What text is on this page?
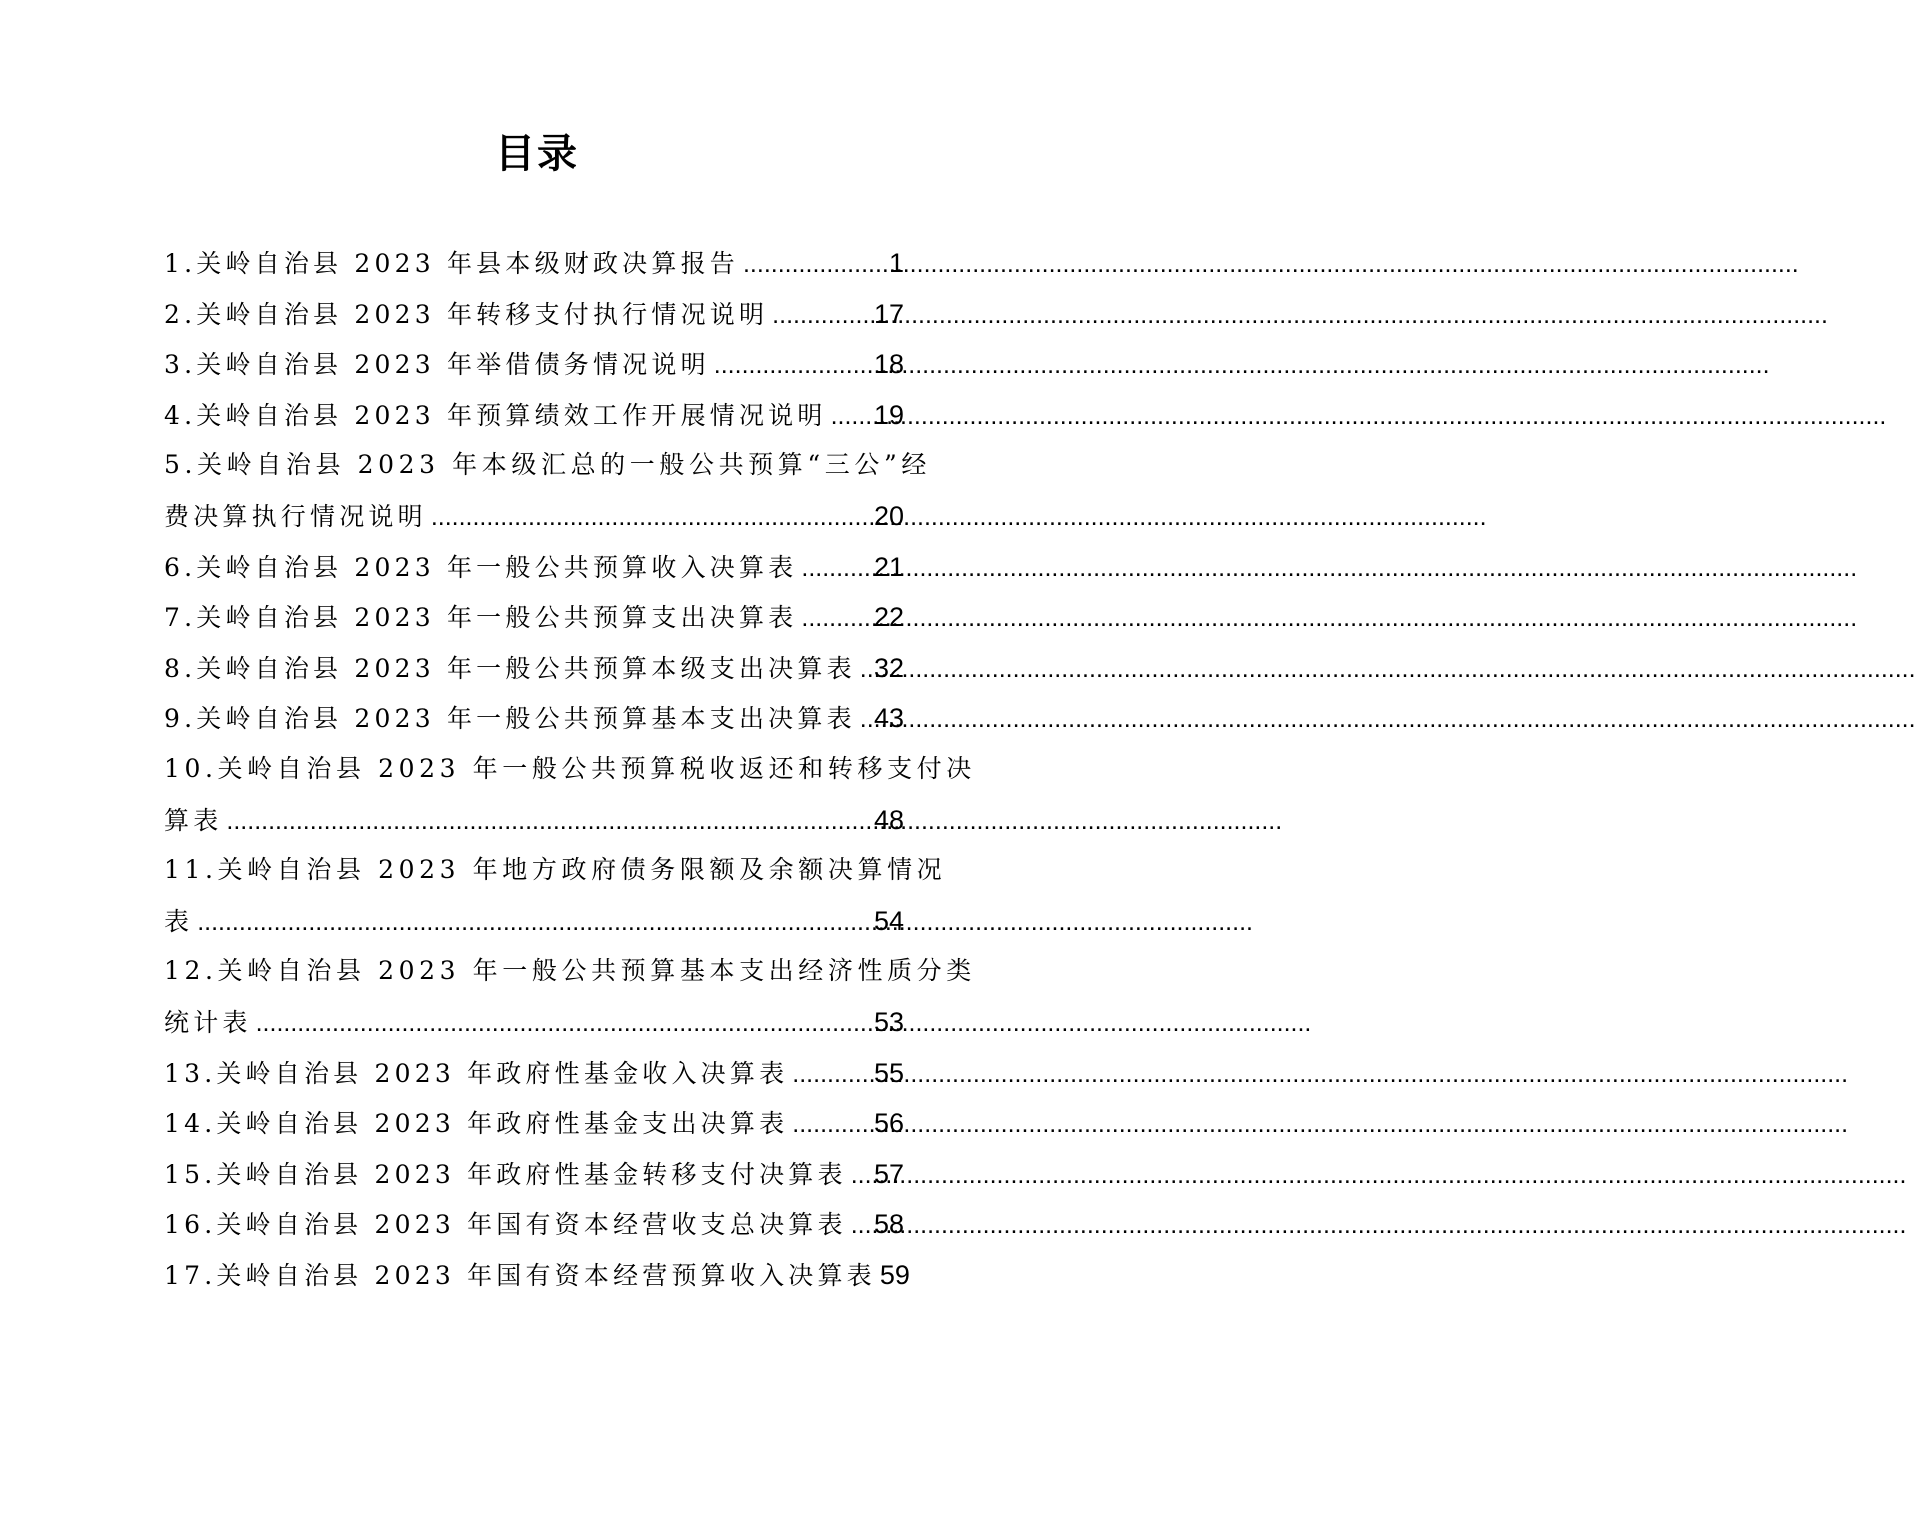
目录
1.关岭自治县 2023 年县本级财政决算报告 .....	1
2.关岭自治县 2023 年转移支付执行情况说明 .....	17
3.关岭自治县 2023 年举借债务情况说明 .....	18
4.关岭自治县 2023 年预算绩效工作开展情况说明 ..... 19
5.关岭自治县 2023 年本级汇总的一般公共预算“三公”经
费决算执行情况说明 .....	20
6.关岭自治县 2023 年一般公共预算收入决算表 .....	21
7.关岭自治县 2023 年一般公共预算支出决算表 .....	22
8.关岭自治县 2023 年一般公共预算本级支出决算表 ..... 32
9.关岭自治县 2023 年一般公共预算基本支出决算表 ..... 43
10.关岭自治县 2023 年一般公共预算税收返还和转移支付决
算表 .....	48
11.关岭自治县 2023 年地方政府债务限额及余额决算情况
表 .....	54
12.关岭自治县 2023 年一般公共预算基本支出经济性质分类
统计表 .....	53
13.关岭自治县 2023 年政府性基金收入决算表 .....	55
14.关岭自治县 2023 年政府性基金支出决算表 .....	56
15.关岭自治县 2023 年政府性基金转移支付决算表 ..... 57
16.关岭自治县 2023 年国有资本经营收支总决算表 ..... 58
17.关岭自治县 2023 年国有资本经营预算收入决算表 59
